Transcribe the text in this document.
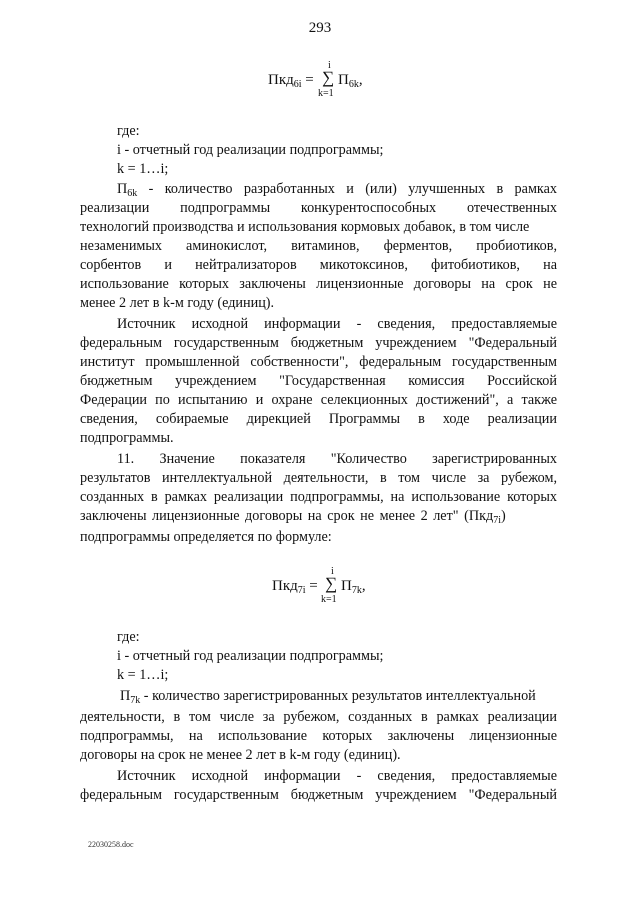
293
Пкд$_{6i}$ =
i
∑
k=1
$П_{6k}$,
где:
i - отчетный год реализации подпрограммы;
k = 1…i;
$П_{6k}$ - количество разработанных и (или) улучшенных в рамках
реализации подпрограммы конкурентоспособных отечественных
технологий производства и использования кормовых добавок, в том числе
незаменимых аминокислот, витаминов, ферментов, пробиотиков,
сорбентов и нейтрализаторов микотоксинов, фитобиотиков, на
использование которых заключены лицензионные договоры на срок не
менее 2 лет в k-м году (единиц).
Источник исходной информации - сведения, предоставляемые
федеральным государственным бюджетным учреждением "Федеральный
институт промышленной собственности", федеральным государственным
бюджетным учреждением "Государственная комиссия Российской
Федерации по испытанию и охране селекционных достижений", а также
сведения, собираемые дирекцией Программы в ходе реализации
подпрограммы.
11. Значение показателя "Количество зарегистрированных
результатов интеллектуальной деятельности, в том числе за рубежом,
созданных в рамках реализации подпрограммы, на использование которых
заключены лицензионные договоры на срок не менее 2 лет" (Пкд$_{7i}$)
подпрограммы определяется по формуле:
Пкд$_{7i}$ =
i
∑
k=1
$П_{7k}$,
где:
i - отчетный год реализации подпрограммы;
k = 1…i;
$П_{7k}$ - количество зарегистрированных результатов интеллектуальной
деятельности, в том числе за рубежом, созданных в рамках реализации
подпрограммы, на использование которых заключены лицензионные
договоры на срок не менее 2 лет в k-м году (единиц).
Источник исходной информации - сведения, предоставляемые
федеральным государственным бюджетным учреждением "Федеральный
22030258.doc
